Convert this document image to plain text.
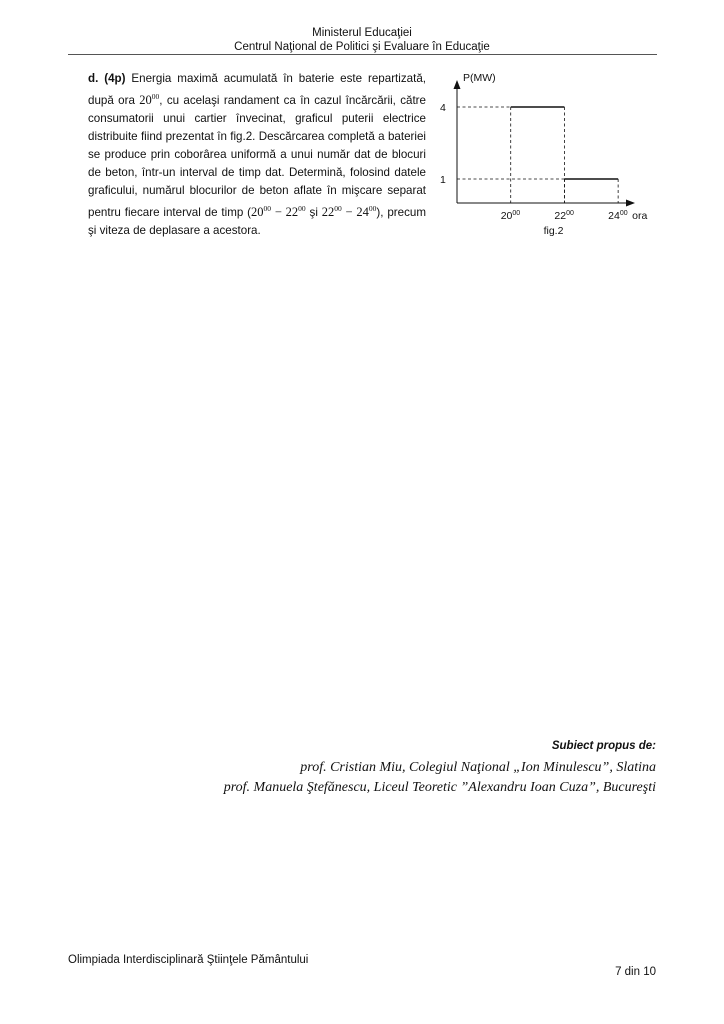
Ministerul Educaţiei
Centrul Naţional de Politici şi Evaluare în Educaţie
d. (4p) Energia maximă acumulată în baterie este repartizată, după ora $20^{00}$, cu acelaşi randament ca în cazul încărcării, către consumatorii unui cartier învecinat, graficul puterii electrice distribuite fiind prezentat în fig.2. Descărcarea completă a bateriei se produce prin coborârea uniformă a unui număr dat de blocuri de beton, într-un interval de timp dat. Determină, folosind datele graficului, numărul blocurilor de beton aflate în mişcare separat pentru fiecare interval de timp ($20^{00} - 22^{00}$ şi $22^{00} - 24^{00}$), precum şi viteza de deplasare a acestora.
P(MW)
1
4
$20^{00}$	$22^{00}$	$24^{00}$ ora
fig.2
Subiect propus de:
prof. Cristian Miu, Colegiul Naţional „Ion Minulescu”, Slatina
prof. Manuela Ştefănescu, Liceul Teoretic ”Alexandru Ioan Cuza”, Bucureşti
Olimpiada Interdisciplinară Ştiinţele Pământului
7 din 10
